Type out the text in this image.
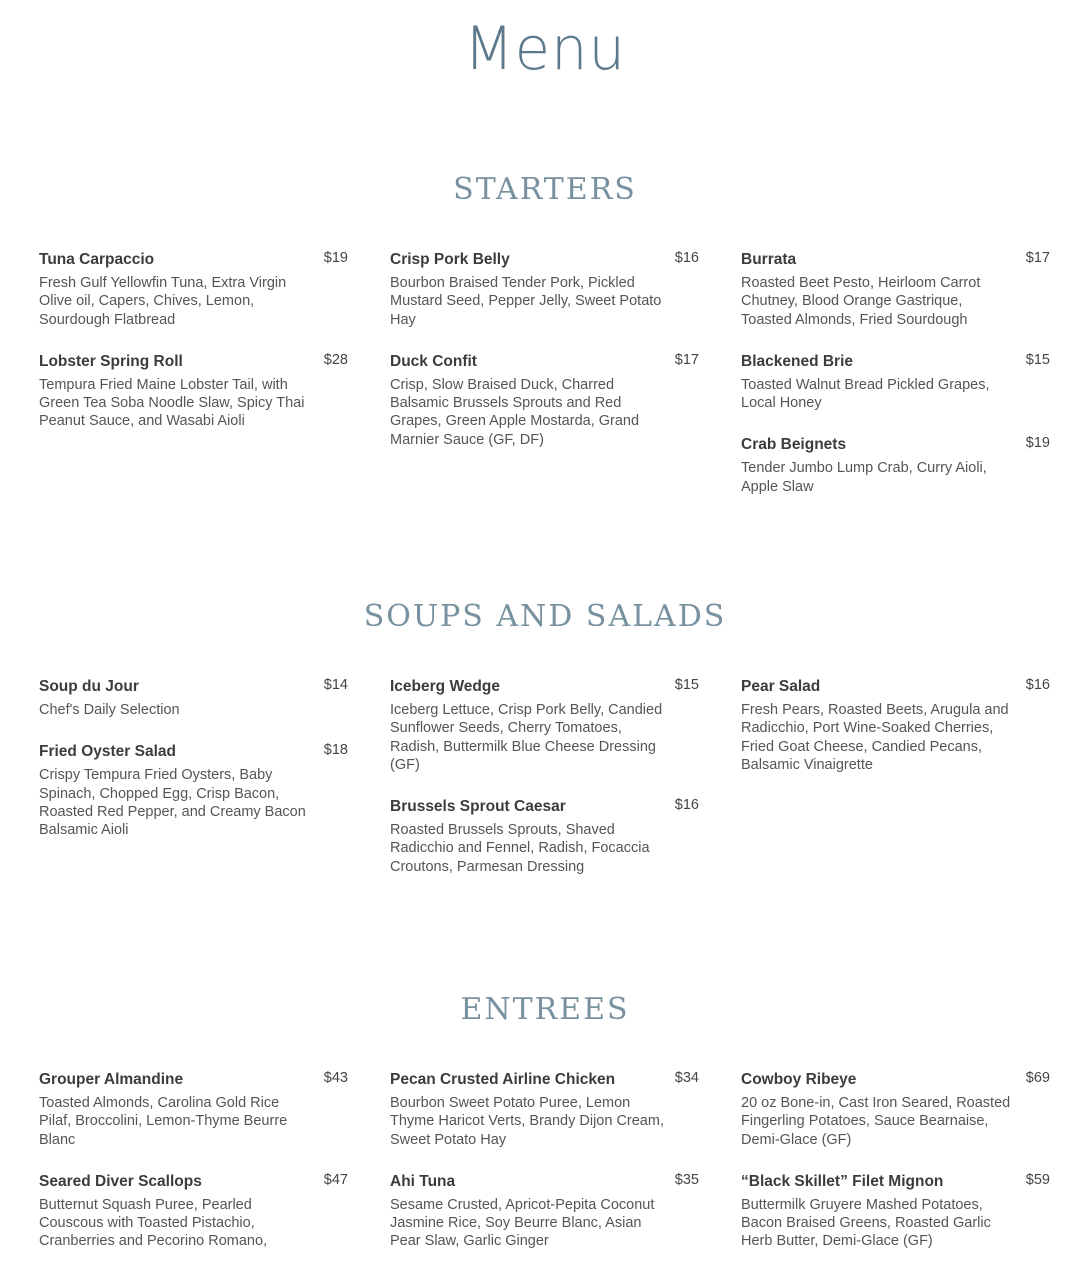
Menu
STARTERS
Tuna Carpaccio	$19
Fresh Gulf Yellowfin Tuna, Extra Virgin Olive oil, Capers, Chives, Lemon, Sourdough Flatbread
Lobster Spring Roll	$28
Tempura Fried Maine Lobster Tail, with Green Tea Soba Noodle Slaw, Spicy Thai Peanut Sauce, and Wasabi Aioli
Crisp Pork Belly	$16
Bourbon Braised Tender Pork, Pickled Mustard Seed, Pepper Jelly, Sweet Potato Hay
Duck Confit	$17
Crisp, Slow Braised Duck, Charred Balsamic Brussels Sprouts and Red Grapes, Green Apple Mostarda, Grand Marnier Sauce (GF, DF)
Burrata	$17
Roasted Beet Pesto, Heirloom Carrot Chutney, Blood Orange Gastrique, Toasted Almonds, Fried Sourdough
Blackened Brie	$15
Toasted Walnut Bread Pickled Grapes, Local Honey
Crab Beignets	$19
Tender Jumbo Lump Crab, Curry Aioli, Apple Slaw
SOUPS AND SALADS
Soup du Jour	$14
Chef's Daily Selection
Fried Oyster Salad	$18
Crispy Tempura Fried Oysters, Baby Spinach, Chopped Egg, Crisp Bacon, Roasted Red Pepper, and Creamy Bacon Balsamic Aioli
Iceberg Wedge	$15
Iceberg Lettuce, Crisp Pork Belly, Candied Sunflower Seeds, Cherry Tomatoes, Radish, Buttermilk Blue Cheese Dressing (GF)
Brussels Sprout Caesar	$16
Roasted Brussels Sprouts, Shaved Radicchio and Fennel, Radish, Focaccia Croutons, Parmesan Dressing
Pear Salad	$16
Fresh Pears, Roasted Beets, Arugula and Radicchio, Port Wine-Soaked Cherries, Fried Goat Cheese, Candied Pecans, Balsamic Vinaigrette
ENTREES
Grouper Almandine	$43
Toasted Almonds, Carolina Gold Rice Pilaf, Broccolini, Lemon-Thyme Beurre Blanc
Seared Diver Scallops	$47
Butternut Squash Puree, Pearled Couscous with Toasted Pistachio, Cranberries and Pecorino Romano,
Pecan Crusted Airline Chicken	$34
Bourbon Sweet Potato Puree, Lemon Thyme Haricot Verts, Brandy Dijon Cream, Sweet Potato Hay
Ahi Tuna	$35
Sesame Crusted, Apricot-Pepita Coconut Jasmine Rice, Soy Beurre Blanc, Asian Pear Slaw, Garlic Ginger
Cowboy Ribeye	$69
20 oz Bone-in, Cast Iron Seared, Roasted Fingerling Potatoes, Sauce Bearnaise, Demi-Glace (GF)
“Black Skillet” Filet Mignon	$59
Buttermilk Gruyere Mashed Potatoes, Bacon Braised Greens, Roasted Garlic Herb Butter, Demi-Glace (GF)
